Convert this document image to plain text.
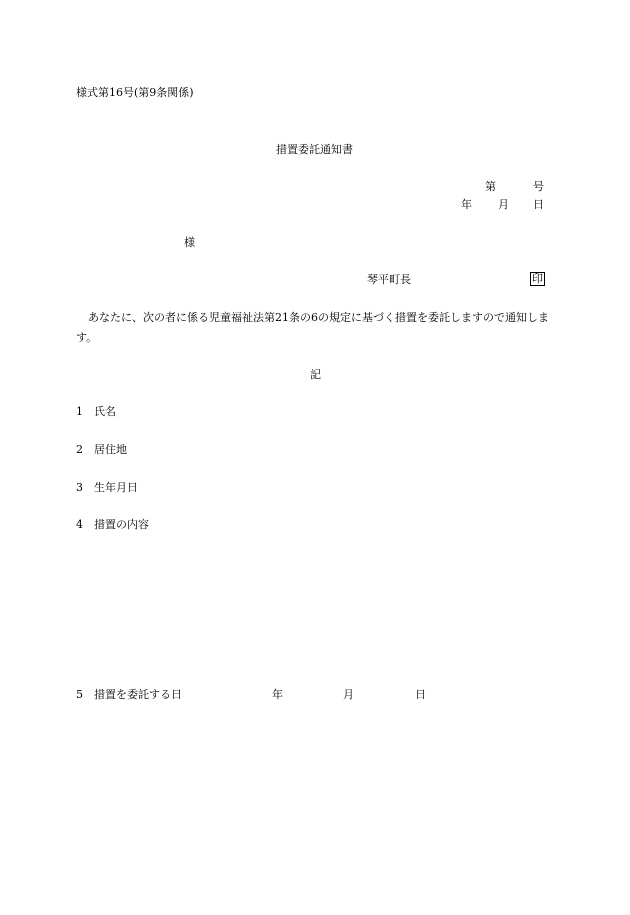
様式第16号(第9条関係)
措置委託通知書
第	号
年 月 日
様
琴平町長	印
あなたに、次の者に係る児童福祉法第21条の6の規定に基づく措置を委託しますので通知します。
記
1 氏名
2 居住地
3 生年月日
4 措置の内容
5 措置を委託する日	年	月	日
